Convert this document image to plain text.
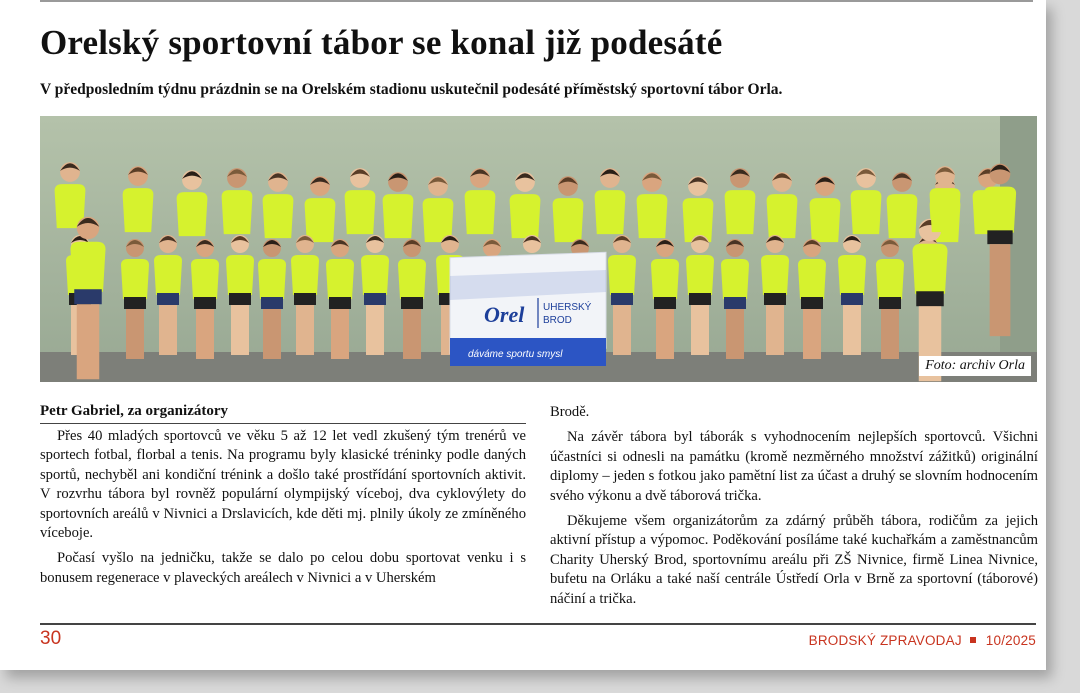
Orelský sportovní tábor se konal již podesáté
V předposledním týdnu prázdnin se na Orelském stadionu uskutečnil podesáté příměstský sportovní tábor Orla.
Orel UHERSKÝ
BROD
dáváme sportu smysl
Foto: archiv Orla
Petr Gabriel, za organizátory

Přes 40 mladých sportovců ve věku 5 až 12 let vedl zkušený tým trenérů ve sportech fotbal, florbal a tenis. Na programu byly klasické tréninky podle daných sportů, nechyběl ani kondiční trénink a došlo také prostřídání sportovních aktivit. V rozvrhu tábora byl rovněž populární olympijský víceboj, dva cyklovýlety do sportovních areálů v Nivnici a Drslavicích, kde děti mj. plnily úkoly ze zmíněného víceboje.

Počasí vyšlo na jedničku, takže se dalo po celou dobu sportovat venku i s bonusem regenerace v plaveckých areálech v Nivnici a v Uherském

Brodě.

Na závěr tábora byl táborák s vyhodnocením nejlepších sportovců. Všichni účastníci si odnesli na památku (kromě nezměrného množství zážitků) originální diplomy – jeden s fotkou jako pamětní list za účast a druhý se slovním hodnocením svého výkonu a dvě táborová trička.

Děkujeme všem organizátorům za zdárný průběh tábora, rodičům za jejich aktivní přístup a výpomoc. Poděkování posíláme také kuchařkám a zaměstnancům Charity Uherský Brod, sportovnímu areálu při ZŠ Nivnice, firmě Linea Nivnice, bufetu na Orláku a také naší centrále Ústředí Orla v Brně za sportovní (táborové) náčiní a trička.

30	BRODSKÝ ZPRAVODAJ 10/2025
